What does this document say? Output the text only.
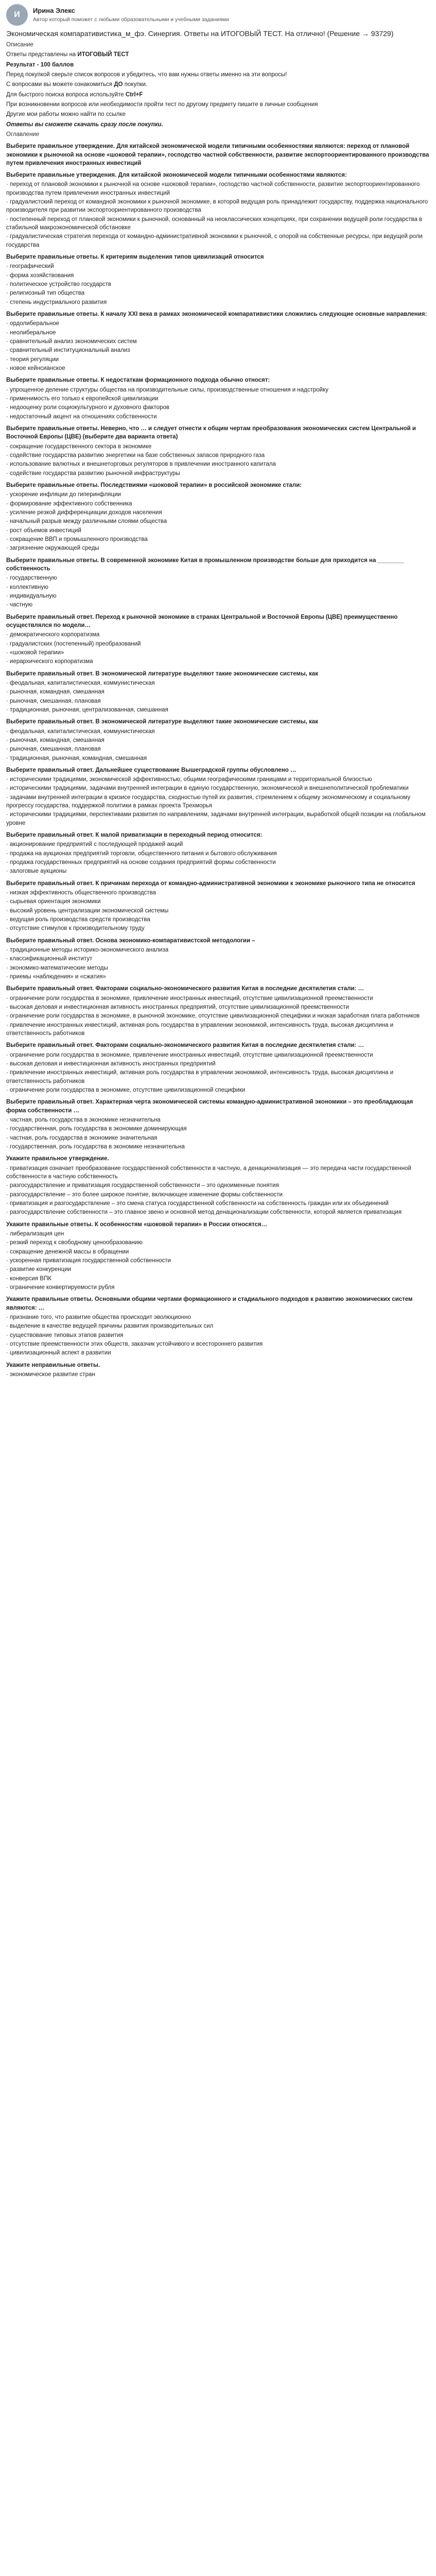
И	Ирина Элекс
Автор который поможет с любыми образовательными и учебными заданиями
Экономическая компаративистика_м_фэ. Синергия. Ответы на ИТОГОВЫЙ ТЕСТ. На отлично! (Решение → 93729)
Описание
Ответы представлены на ИТОГОВЫЙ ТЕСТ
Результат - 100 баллов
Перед покупкой сверьте список вопросов и убедитесь, что вам нужны ответы именно на эти вопросы!
С вопросами вы можете ознакомиться ДО покупки.
Для быстрого поиска вопроса используйте Ctrl+F
При возникновении вопросов или необходимости пройти тест по другому предмету пишите в личные сообщения
Другие мои работы можно найти по ссылке
Ответы вы сможете скачать сразу после покупки.
Оглавление
Выберите правильное утверждение. Для китайской экономической модели типичными особенностями являются: переход от плановой экономики к рыночной на основе «шоковой терапии», господство частной собственности, развитие экспортоориентированного производства путем привлечения иностранных инвестиций
Выберите правильные утверждения. Для китайской экономической модели типичными особенностями являются:
· переход от плановой экономики к рыночной на основе «шоковой терапии», господство частной собственности, развитие экспортоориентированного производства путем привлечения иностранных инвестиций
· градуалистский переход от командной экономики к рыночной экономике, в которой ведущая роль принадлежит государству, поддержка национального производителя при развитии экспортоориентированного производства
· постепенный переход от плановой экономики к рыночной, основанный на неоклассических концепциях, при сохранении ведущей роли государства в стабильной макроэкономической обстановке
· градуалистическая стратегия перехода от командно-административной экономики к рыночной, с опорой на собственные ресурсы, при ведущей роли государства
Выберите правильные ответы. К критериям выделения типов цивилизаций относится
· географический
· форма хозяйствования
· политическое устройство государств
· религиозный тип общества
· степень индустриального развития
Выберите правильные ответы. К началу XXI века в рамках экономической компаративистики сложились следующие основные направления:
· ордолиберальное
· неолиберальное
· сравнительный анализ экономических систем
· сравнительный институциональный анализ
· теория регуляции
· новое кейнсианское
Выберите правильные ответы. К недостаткам формационного подхода обычно относят:
· упрощенное деление структуры общества на производительные силы, производственные отношения и надстройку
· применимость его только к европейской цивилизации
· недооценку роли социокультурного и духовного факторов
· недостаточный акцент на отношениях собственности
Выберите правильные ответы. Неверно, что … и следует отнести к общим чертам преобразования экономических систем Центральной и Восточной Европы (ЦВЕ) (выберите два варианта ответа)
· сокращение государственного сектора в экономике
· содействие государства развитию энергетики на базе собственных запасов природного газа
· использование валютных и внешнеторговых регуляторов в привлечении иностранного капитала
· содействие государства развитию рыночной инфраструктуры
Выберите правильные ответы. Последствиями «шоковой терапии» в российской экономике стали:
· ускорение инфляции до гиперинфляции
· формирование эффективного собственника
· усиление резкой дифференциации доходов населения
· начальный разрыв между различными слоями общества
· рост объемов инвестиций
· сокращение ВВП и промышленного производства
· загрязнение окружающей среды
Выберите правильные ответы. В современной экономике Китая в промышленном производстве больше для приходится на ________ собственность
· государственную
· коллективную
· индивидуальную
· частную
Выберите правильный ответ. Переход к рыночной экономике в странах Центральной и Восточной Европы (ЦВЕ) преимущественно осуществлялся по модели…
· демократического корпоратизма
· градуалистских (постепенный) преобразований
· «шоковой терапии»
· иерархического корпоратизма
Выберите правильный ответ. В экономической литературе выделяют такие экономические системы, как
· феодальная, капиталистическая, коммунистическая
· рыночная, командная, смешанная
· рыночная, смешанная, плановая
· традиционная, рыночная, централизованная, смешанная
Выберите правильный ответ. В экономической литературе выделяют такие экономические системы, как
· феодальная, капиталистическая, коммунистическая
· рыночная, командная, смешанная
· рыночная, смешанная, плановая
· традиционная, рыночная, командная, смешанная
Выберите правильный ответ. Дальнейшее существование Вышеградской группы обусловлено …
· историческими традициями, экономической эффективностью, общими географическими границами и территориальной близостью
· историческими традициями, задачами внутренней интеграции в единую государственную, экономической и внешнеполитической проблематики
· задачами внутренней интеграции в кризисе государства, сходностью путей их развития, стремлением к общему экономическому и социальному прогрессу государства, поддержкой политики в рамках проекта Трехморья
· историческими традициями, перспективами развития по направлениям, задачами внутренней интеграции, выработкой общей позиции на глобальном уровне
Выберите правильный ответ. К малой приватизации в переходный период относится:
· акционирование предприятий с последующей продажей акций
· продажа на аукционах предприятий торговли, общественного питания и бытового обслуживания
· продажа государственных предприятий на основе создания предприятий формы собственности
· залоговые аукционы
Выберите правильный ответ. К причинам перехода от командно-административной экономики к экономике рыночного типа не относится
· низкая эффективность общественного производства
· сырьевая ориентация экономики
· высокий уровень централизации экономической системы
· ведущая роль производства средств производства
· отсутствие стимулов к производительному труду
Выберите правильный ответ. Основа экономико-компаративистской методологии –
· традиционные методы историко-экономического анализа
· классификационный институт
· экономико-математические методы
· приемы «наблюдения» и «сжатия»
Выберите правильный ответ. Факторами социально-экономического развития Китая в последние десятилетия стали: …
· ограничение роли государства в экономике, привлечение иностранных инвестиций, отсутствие цивилизационной преемственности
· высокая деловая и инвестиционная активность иностранных предприятий, отсутствие цивилизационной преемственности
· ограничение роли государства в экономике, в рыночной экономике, отсутствие цивилизационной специфики и низкая заработная плата работников
· привлечение иностранных инвестиций, активная роль государства в управлении экономикой, интенсивность труда, высокая дисциплина и ответственность работников
Выберите правильный ответ. Факторами социально-экономического развития Китая в последние десятилетия стали: …
· ограничение роли государства в экономике, привлечение иностранных инвестиций, отсутствие цивилизационной преемственности
· высокая деловая и инвестиционная активность иностранных предприятий
· привлечение иностранных инвестиций, активная роль государства в управлении экономикой, интенсивность труда, высокая дисциплина и ответственность работников
· ограничение роли государства в экономике, отсутствие цивилизационной специфики
Выберите правильный ответ. Характерная черта экономической системы командно-административной экономики – это преобладающая форма собственности …
· частная, роль государства в экономике незначительна
· государственная, роль государства в экономике доминирующая
· частная, роль государства в экономике значительная
· государственная, роль государства в экономике незначительна
Укажите правильное утверждение.
· приватизация означает преобразование государственной собственности в частную, а денационализация — это передача части государственной собственности в частную собственность
· разгосударствление и приватизация государственной собственности – это одноименные понятия
· разгосударствление – это более широкое понятие, включающее изменение формы собственности
· приватизация и разгосударствление – это смена статуса государственной собственности на собственность граждан или их объединений
· разгосударствление собственности – это главное звено и основной метод денационализации собственности, которой является приватизация
Укажите правильные ответы. К особенностям «шоковой терапии» в России относятся…
· либерализация цен
· резкий переход к свободному ценообразованию
· сокращение денежной массы в обращении
· ускоренная приватизация государственной собственности
· развитие конкуренции
· конверсия ВПК
· ограничение конвертируемости рубля
Укажите правильные ответы. Основными общими чертами формационного и стадиального подходов к развитию экономических систем являются: …
· признание того, что развитие общества происходит эволюционно
· выделение в качестве ведущей причины развития производительных сил
· существование типовых этапов развития
· отсутствие преемственности этих обществ, заказчик устойчивого и всестороннего развития
· цивилизационный аспект в развитии
Укажите неправильные ответы.
· экономическое развитие стран
